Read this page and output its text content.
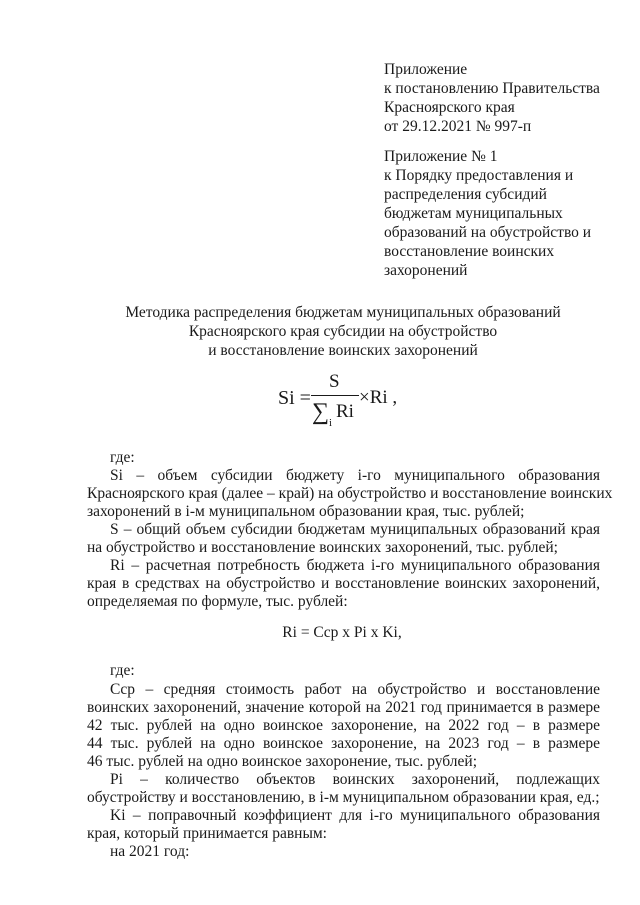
Приложение
к постановлению Правительства
Красноярского края
от 29.12.2021 № 997-п
Приложение № 1
к Порядку предоставления и
распределения субсидий
бюджетам муниципальных
образований на обустройство и
восстановление воинских
захоронений
Методика распределения бюджетам муниципальных образований
Красноярского края субсидии на обустройство
и восстановление воинских захоронений
Si =
S
∑ i
Ri
×Ri ,
где:
Si – объем субсидии бюджету i-го муниципального образования
Красноярского края (далее – край) на обустройство и восстановление воинских
захоронений в i-м муниципальном образовании края, тыс. рублей;
S – общий объем субсидии бюджетам муниципальных образований края
на обустройство и восстановление воинских захоронений, тыс. рублей;
Ri – расчетная потребность бюджета i-го муниципального образования
края в средствах на обустройство и восстановление воинских захоронений,
определяемая по формуле, тыс. рублей:
Ri = Ccp x Pi x Ki,
где:
Ccp – средняя стоимость работ на обустройство и восстановление
воинских захоронений, значение которой на 2021 год принимается в размере
42 тыс. рублей на одно воинское захоронение, на 2022 год – в размере
44 тыс. рублей на одно воинское захоронение, на 2023 год – в размере
46 тыс. рублей на одно воинское захоронение, тыс. рублей;
Pi – количество объектов воинских захоронений, подлежащих
обустройству и восстановлению, в i-м муниципальном образовании края, ед.;
Ki – поправочный коэффициент для i-го муниципального образования
края, который принимается равным:
на 2021 год:
